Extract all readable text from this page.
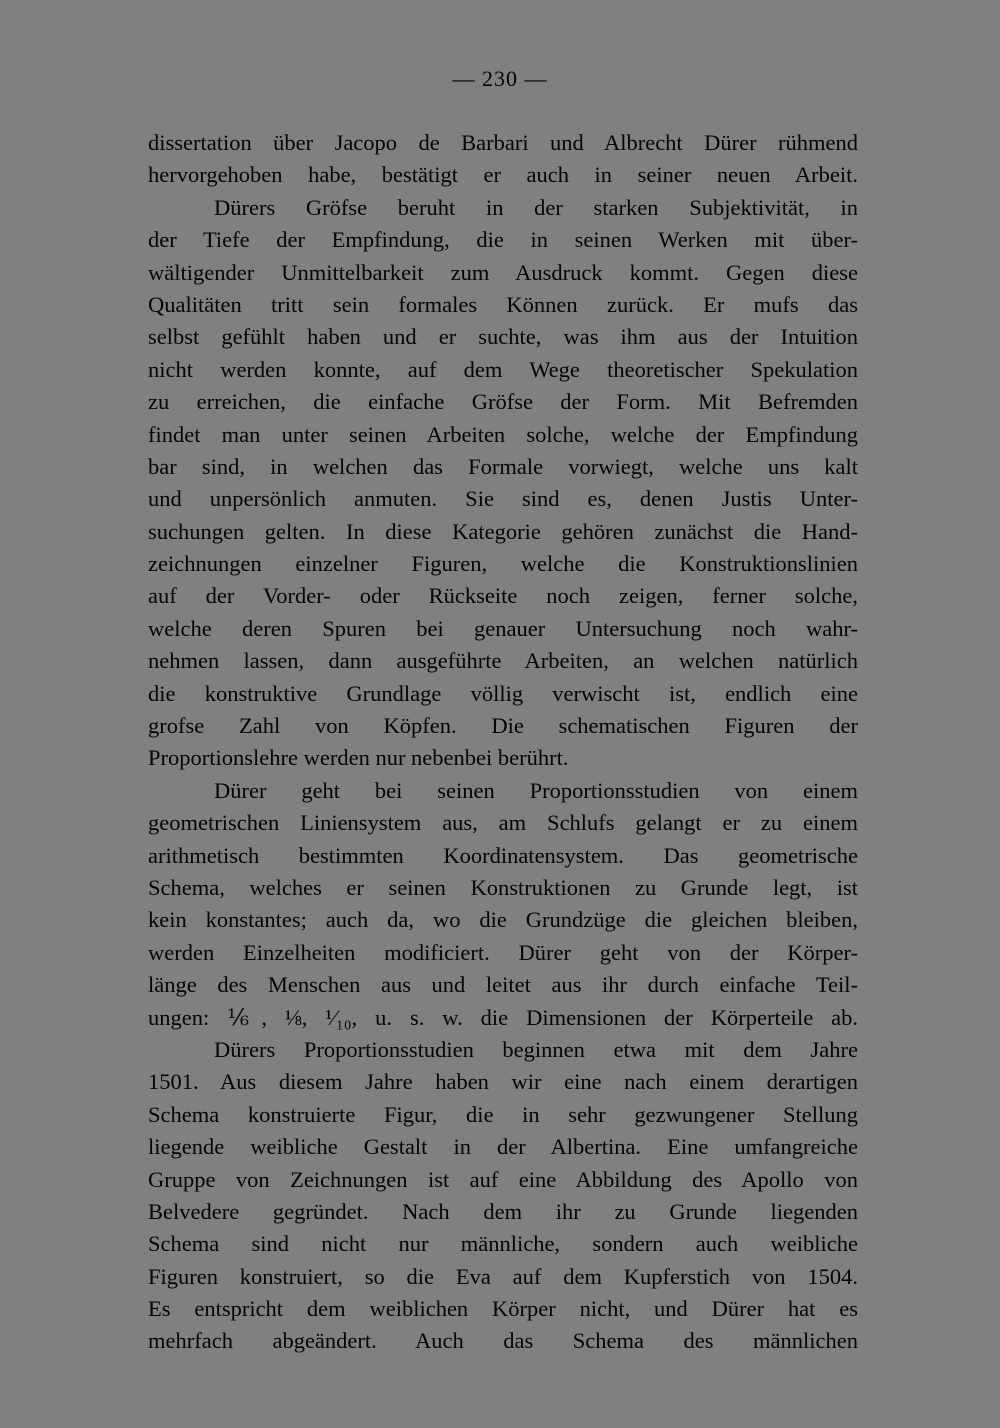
— 230 —
dissertation über Jacopo de Barbari und Albrecht Dürer rühmend
hervorgehoben habe, bestätigt er auch in seiner neuen Arbeit.
Dürers Gröfse beruht in der starken Subjektivität, in
der Tiefe der Empfindung, die in seinen Werken mit über-
wältigender Unmittelbarkeit zum Ausdruck kommt. Gegen diese
Qualitäten tritt sein formales Können zurück. Er mufs das
selbst gefühlt haben und er suchte, was ihm aus der Intuition
nicht werden konnte, auf dem Wege theoretischer Spekulation
zu erreichen, die einfache Gröfse der Form. Mit Befremden
findet man unter seinen Arbeiten solche, welche der Empfindung
bar sind, in welchen das Formale vorwiegt, welche uns kalt
und unpersönlich anmuten. Sie sind es, denen Justis Unter-
suchungen gelten. In diese Kategorie gehören zunächst die Hand-
zeichnungen einzelner Figuren, welche die Konstruktionslinien
auf der Vorder- oder Rückseite noch zeigen, ferner solche,
welche deren Spuren bei genauer Untersuchung noch wahr-
nehmen lassen, dann ausgeführte Arbeiten, an welchen natürlich
die konstruktive Grundlage völlig verwischt ist, endlich eine
grofse Zahl von Köpfen. Die schematischen Figuren der
Proportionslehre werden nur nebenbei berührt.
Dürer geht bei seinen Proportionsstudien von einem
geometrischen Liniensystem aus, am Schlufs gelangt er zu einem
arithmetisch bestimmten Koordinatensystem. Das geometrische
Schema, welches er seinen Konstruktionen zu Grunde legt, ist
kein konstantes; auch da, wo die Grundzüge die gleichen bleiben,
werden Einzelheiten modificiert. Dürer geht von der Körper-
länge des Menschen aus und leitet aus ihr durch einfache Teil-
ungen: ⅙, ⅛, ¹⁄₁₀, u. s. w. die Dimensionen der Körperteile ab.
Dürers Proportionsstudien beginnen etwa mit dem Jahre
1501. Aus diesem Jahre haben wir eine nach einem derartigen
Schema konstruierte Figur, die in sehr gezwungener Stellung
liegende weibliche Gestalt in der Albertina. Eine umfangreiche
Gruppe von Zeichnungen ist auf eine Abbildung des Apollo von
Belvedere gegründet. Nach dem ihr zu Grunde liegenden
Schema sind nicht nur männliche, sondern auch weibliche
Figuren konstruiert, so die Eva auf dem Kupferstich von 1504.
Es entspricht dem weiblichen Körper nicht, und Dürer hat es
mehrfach abgeändert. Auch das Schema des männlichen
